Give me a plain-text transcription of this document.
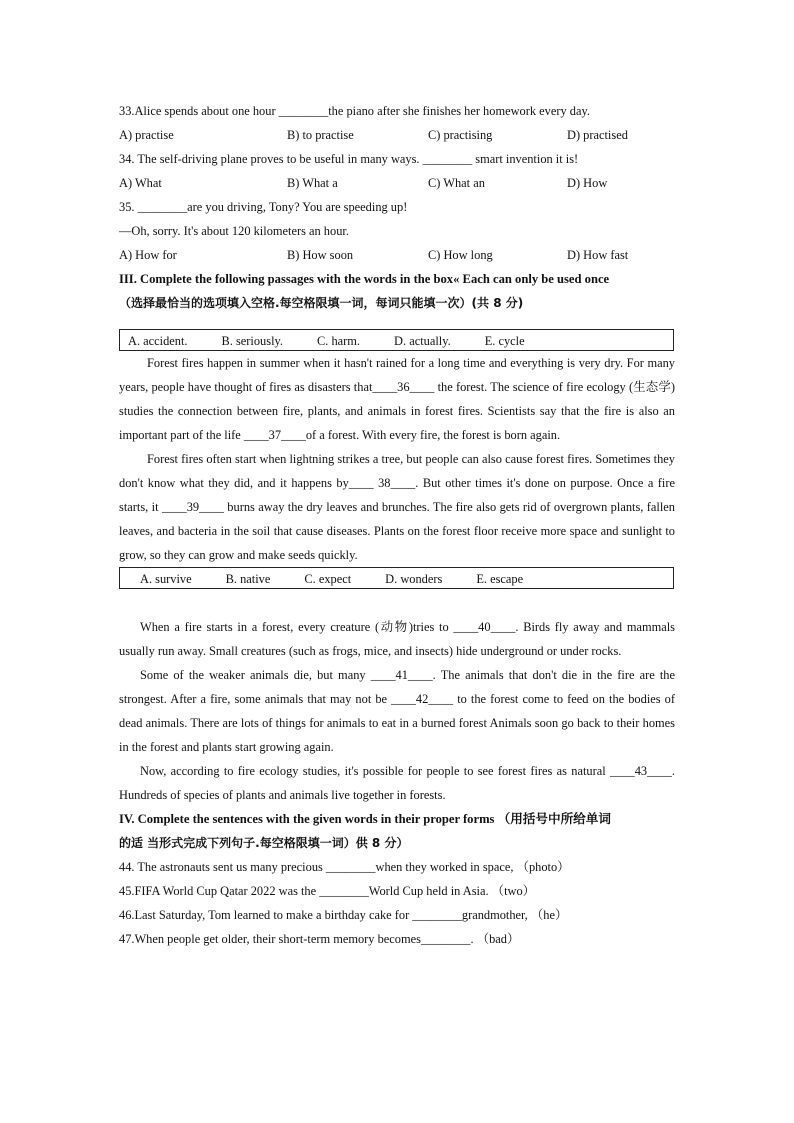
33.Alice spends about one hour ________the piano after she finishes her homework every day.
A) practise	B) to practise	C) practising	D) practised
34. The self-driving plane proves to be useful in many ways. ________ smart invention it is!
A) What	B) What a	C) What an	D) How
35. ________are you driving, Tony? You are speeding up!
—Oh, sorry. It's about 120 kilometers an hour.
A) How for	B) How soon	C) How long	D) How fast
III. Complete the following passages with the words in the box« Each can only be used once
（选择最恰当的选项填入空格.每空格限填一词，每词只能填一次）(共 8 分)
A. accident.	B. seriously.	C. harm.	D. actually.	E. cycle
Forest fires happen in summer when it hasn't rained for a long time and everything is very dry. For many years, people have thought of fires as disasters that____36____ the forest. The science of fire ecology (生态学) studies the connection between fire, plants, and animals in forest fires. Scientists say that the fire is also an important part of the life ____37____of a forest. With every fire, the forest is born again.
Forest fires often start when lightning strikes a tree, but people can also cause forest fires. Sometimes they don't know what they did, and it happens by____ 38____. But other times it's done on purpose. Once a fire starts, it ____39____ burns away the dry leaves and brunches. The fire also gets rid of overgrown plants, fallen leaves, and bacteria in the soil that cause diseases. Plants on the forest floor receive more space and sunlight to grow, so they can grow and make seeds quickly.
A. survive	B. native	C. expect	D. wonders	E. escape
When a fire starts in a forest, every creature (动物)tries to ____40____. Birds fly away and mammals usually run away. Small creatures (such as frogs, mice, and insects) hide underground or under rocks.
Some of the weaker animals die, but many ____41____. The animals that don't die in the fire are the strongest. After a fire, some animals that may not be ____42____ to the forest come to feed on the bodies of dead animals. There are lots of things for animals to eat in a burned forest Animals soon go back to their homes in the forest and plants start growing again.
Now, according to fire ecology studies, it's possible for people to see forest fires as natural ____43____. Hundreds of species of plants and animals live together in forests.
IV. Complete the sentences with the given words in their proper forms （用括号中所给单词
的适 当形式完成下列句子.每空格限填一词）供 8 分）
44. The astronauts sent us many precious ________when they worked in space, （photo）
45.FIFA World Cup Qatar 2022 was the ________World Cup held in Asia. （two）
46.Last Saturday, Tom learned to make a birthday cake for ________grandmother, （he）
47.When people get older, their short-term memory becomes________. （bad）
